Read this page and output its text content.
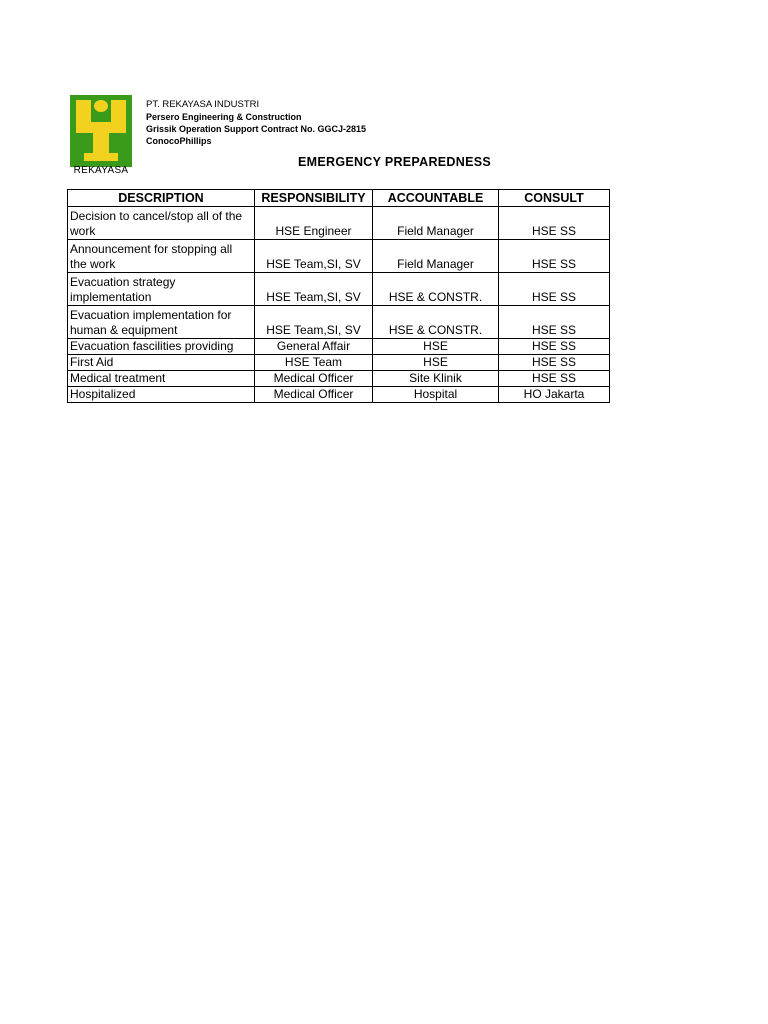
REKAYASA
PT. REKAYASA INDUSTRI
Persero Engineering & Construction
Grissik Operation Support Contract No. GGCJ-2815
ConocoPhillips
EMERGENCY PREPAREDNESS
DESCRIPTION	RESPONSIBILITY	ACCOUNTABLE	CONSULT
Decision to cancel/stop all of the work	HSE Engineer	Field Manager	HSE SS
Announcement for stopping all the work	HSE Team,SI, SV	Field Manager	HSE SS
Evacuation strategy implementation	HSE Team,SI, SV	HSE & CONSTR.	HSE SS
Evacuation implementation for human & equipment	HSE Team,SI, SV	HSE & CONSTR.	HSE SS
Evacuation fascilities providing	General Affair	HSE	HSE SS
First Aid	HSE Team	HSE	HSE SS
Medical treatment	Medical Officer	Site Klinik	HSE SS
Hospitalized	Medical Officer	Hospital	HO Jakarta
